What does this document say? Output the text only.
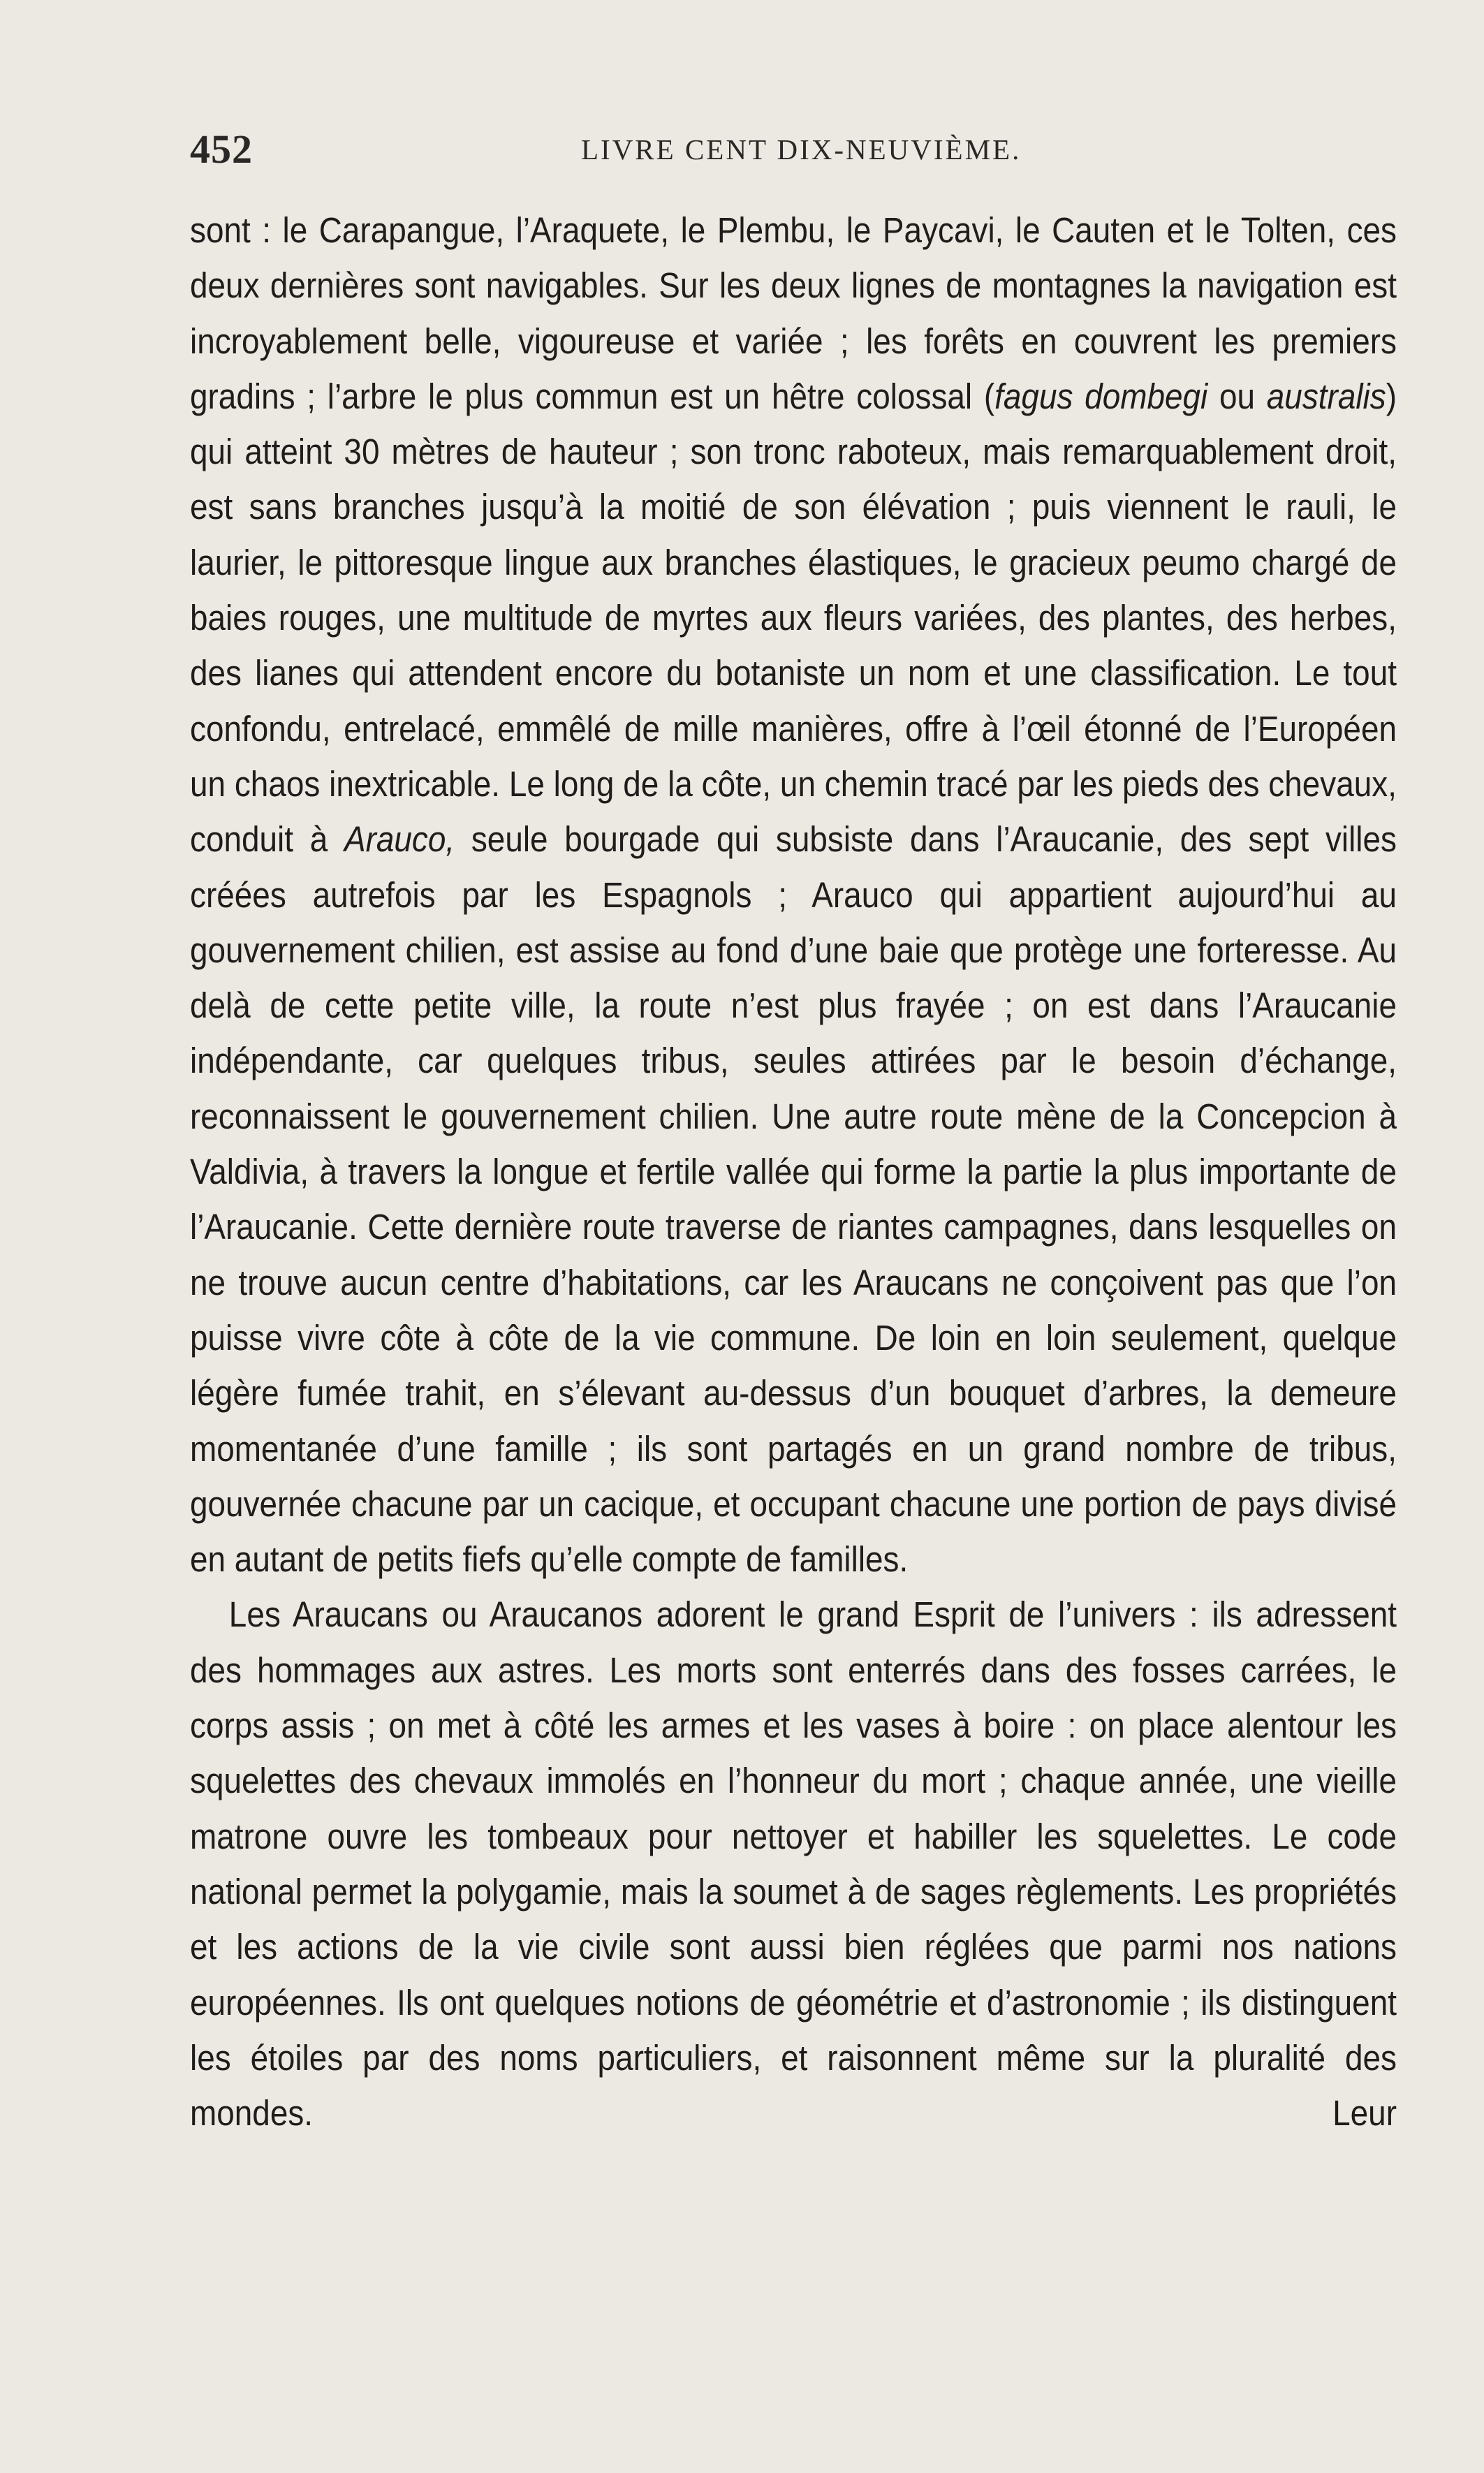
452	LIVRE CENT DIX-NEUVIÈME.

sont : le Carapangue, l’Araquete, le Plembu, le Paycavi, le Cauten et le Tolten, ces deux dernières sont navigables. Sur les deux lignes de montagnes la navigation est incroyablement belle, vigoureuse et variée ; les forêts en couvrent les premiers gradins ; l’arbre le plus commun est un hêtre colossal (fagus dombegi ou australis) qui atteint 30 mètres de hauteur ; son tronc raboteux, mais remarquablement droit, est sans branches jusqu’à la moitié de son élévation ; puis viennent le rauli, le laurier, le pittoresque lingue aux branches élastiques, le gracieux peumo chargé de baies rouges, une multitude de myrtes aux fleurs variées, des plantes, des herbes, des lianes qui attendent encore du botaniste un nom et une classification. Le tout confondu, entrelacé, emmêlé de mille manières, offre à l’œil étonné de l’Européen un chaos inextricable. Le long de la côte, un chemin tracé par les pieds des chevaux, conduit à Arauco, seule bourgade qui subsiste dans l’Araucanie, des sept villes créées autrefois par les Espagnols ; Arauco qui appartient aujourd’hui au gouvernement chilien, est assise au fond d’une baie que protège une forteresse. Au delà de cette petite ville, la route n’est plus frayée ; on est dans l’Araucanie indépendante, car quelques tribus, seules attirées par le besoin d’échange, reconnaissent le gouvernement chilien. Une autre route mène de la Concepcion à Valdivia, à travers la longue et fertile vallée qui forme la partie la plus importante de l’Araucanie. Cette dernière route traverse de riantes campagnes, dans lesquelles on ne trouve aucun centre d’habitations, car les Araucans ne conçoivent pas que l’on puisse vivre côte à côte de la vie commune. De loin en loin seulement, quelque légère fumée trahit, en s’élevant au-dessus d’un bouquet d’arbres, la demeure momentanée d’une famille ; ils sont partagés en un grand nombre de tribus, gouvernée chacune par un cacique, et occupant chacune une portion de pays divisé en autant de petits fiefs qu’elle compte de familles.

Les Araucans ou Araucanos adorent le grand Esprit de l’univers : ils adressent des hommages aux astres. Les morts sont enterrés dans des fosses carrées, le corps assis ; on met à côté les armes et les vases à boire : on place alentour les squelettes des chevaux immolés en l’honneur du mort ; chaque année, une vieille matrone ouvre les tombeaux pour nettoyer et habiller les squelettes. Le code national permet la polygamie, mais la soumet à de sages règlements. Les propriétés et les actions de la vie civile sont aussi bien réglées que parmi nos nations européennes. Ils ont quelques notions de géométrie et d’astronomie ; ils distinguent les étoiles par des noms particuliers, et raisonnent même sur la pluralité des mondes. Leur
